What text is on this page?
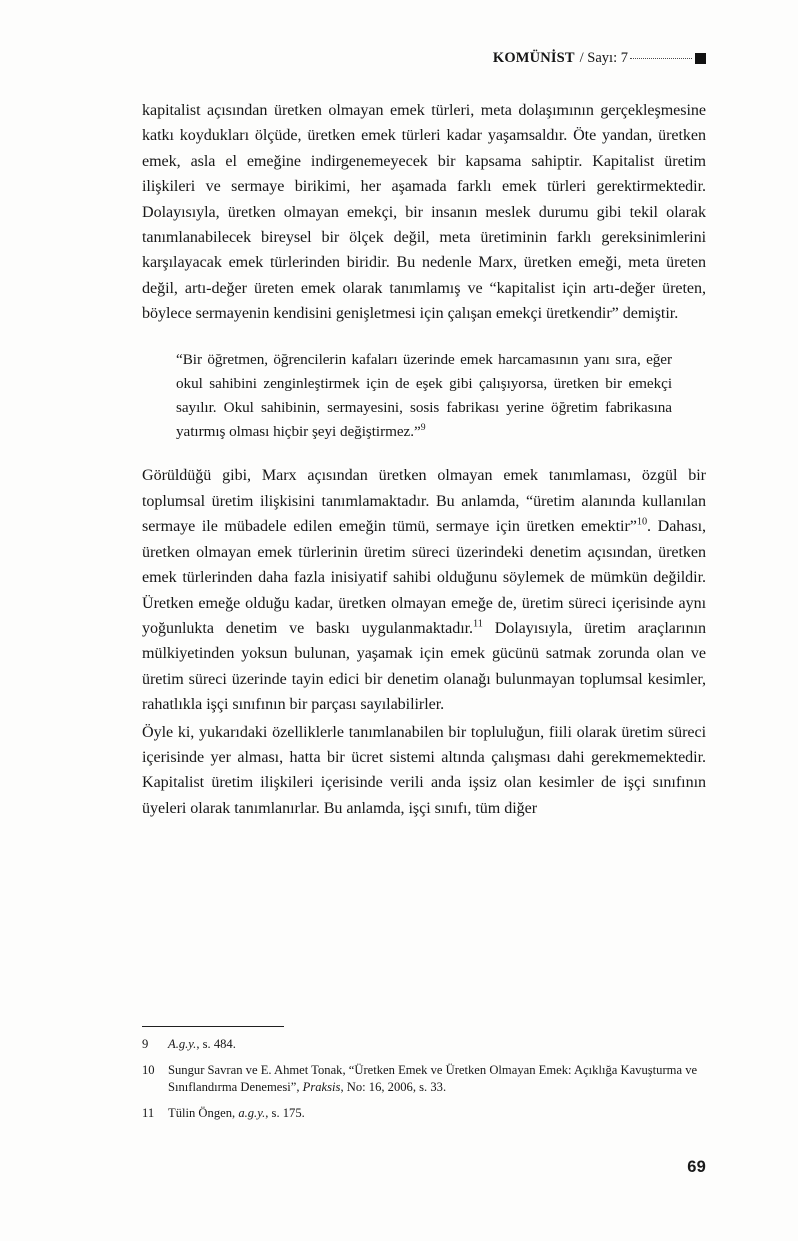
KOMÜNİST / Sayı: 7

kapitalist açısından üretken olmayan emek türleri, meta dolaşımının gerçekleşmesine katkı koydukları ölçüde, üretken emek türleri kadar yaşamsaldır. Öte yandan, üretken emek, asla el emeğine indirgenemeyecek bir kapsama sahiptir. Kapitalist üretim ilişkileri ve sermaye birikimi, her aşamada farklı emek türleri gerektirmektedir. Dolayısıyla, üretken olmayan emekçi, bir insanın meslek durumu gibi tekil olarak tanımlanabilecek bireysel bir ölçek değil, meta üretiminin farklı gereksinimlerini karşılayacak emek türlerinden biridir. Bu nedenle Marx, üretken emeği, meta üreten değil, artı-değer üreten emek olarak tanımlamış ve “kapitalist için artı-değer üreten, böylece sermayenin kendisini genişletmesi için çalışan emekçi üretkendir” demiştir.

“Bir öğretmen, öğrencilerin kafaları üzerinde emek harcamasının yanı sıra, eğer okul sahibini zenginleştirmek için de eşek gibi çalışıyorsa, üretken bir emekçi sayılır. Okul sahibinin, sermayesini, sosis fabrikası yerine öğretim fabrikasına yatırmış olması hiçbir şeyi değiştirmez.”$^9$

Görüldüğü gibi, Marx açısından üretken olmayan emek tanımlaması, özgül bir toplumsal üretim ilişkisini tanımlamaktadır. Bu anlamda, “üretim alanında kullanılan sermaye ile mübadele edilen emeğin tümü, sermaye için üretken emektir”$^{10}$. Dahası, üretken olmayan emek türlerinin üretim süreci üzerindeki denetim açısından, üretken emek türlerinden daha fazla inisiyatif sahibi olduğunu söylemek de mümkün değildir. Üretken emeğe olduğu kadar, üretken olmayan emeğe de, üretim süreci içerisinde aynı yoğunlukta denetim ve baskı uygulanmaktadır.$^{11}$ Dolayısıyla, üretim araçlarının mülkiyetinden yoksun bulunan, yaşamak için emek gücünü satmak zorunda olan ve üretim süreci üzerinde tayin edici bir denetim olanağı bulunmayan toplumsal kesimler, rahatlıkla işçi sınıfının bir parçası sayılabilirler.

Öyle ki, yukarıdaki özelliklerle tanımlanabilen bir topluluğun, fiili olarak üretim süreci içerisinde yer alması, hatta bir ücret sistemi altında çalışması dahi gerekmemektedir. Kapitalist üretim ilişkileri içerisinde verili anda işsiz olan kesimler de işçi sınıfının üyeleri olarak tanımlanırlar. Bu anlamda, işçi sınıfı, tüm diğer

9	A.g.y., s. 484.
10	Sungur Savran ve E. Ahmet Tonak, “Üretken Emek ve Üretken Olmayan Emek: Açıklığa Kavuşturma ve Sınıflandırma Denemesi”, Praksis, No: 16, 2006, s. 33.
11	Tülin Öngen, a.g.y., s. 175.
69
